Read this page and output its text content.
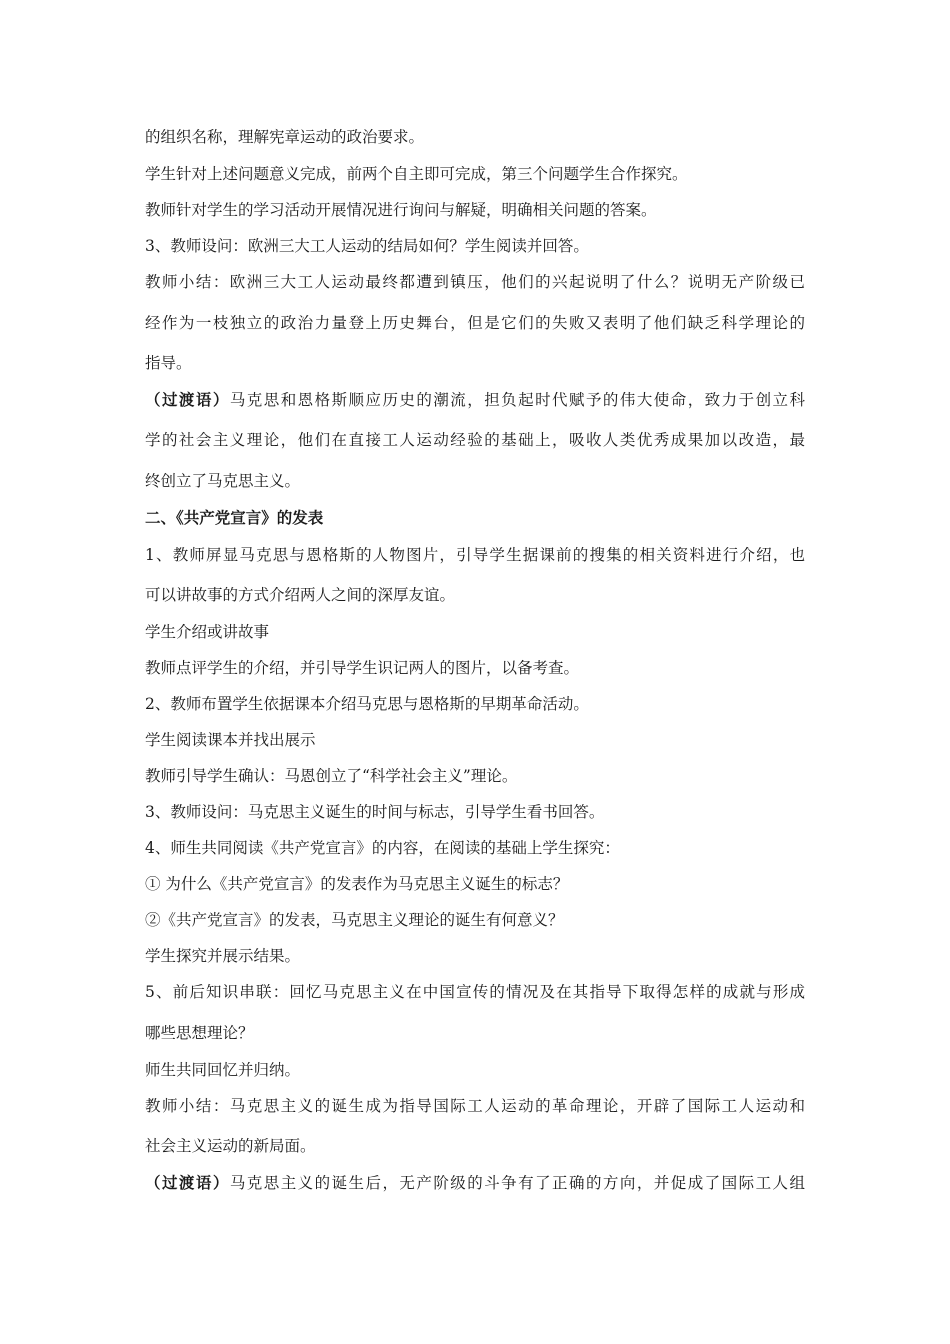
的组织名称，理解宪章运动的政治要求。
学生针对上述问题意义完成，前两个自主即可完成，第三个问题学生合作探究。
教师针对学生的学习活动开展情况进行询问与解疑，明确相关问题的答案。
3、教师设问：欧洲三大工人运动的结局如何？学生阅读并回答。
教师小结：欧洲三大工人运动最终都遭到镇压，他们的兴起说明了什么？说明无产阶级已
经作为一枝独立的政治力量登上历史舞台，但是它们的失败又表明了他们缺乏科学理论的
指导。
（过渡语）马克思和恩格斯顺应历史的潮流，担负起时代赋予的伟大使命，致力于创立科
学的社会主义理论，他们在直接工人运动经验的基础上，吸收人类优秀成果加以改造，最
终创立了马克思主义。
二、《共产党宣言》的发表
1、教师屏显马克思与恩格斯的人物图片，引导学生据课前的搜集的相关资料进行介绍，也
可以讲故事的方式介绍两人之间的深厚友谊。
学生介绍或讲故事
教师点评学生的介绍，并引导学生识记两人的图片，以备考查。
2、教师布置学生依据课本介绍马克思与恩格斯的早期革命活动。
学生阅读课本并找出展示
教师引导学生确认：马恩创立了“科学社会主义”理论。
3、教师设问：马克思主义诞生的时间与标志，引导学生看书回答。
4、师生共同阅读《共产党宣言》的内容，在阅读的基础上学生探究：
① 为什么《共产党宣言》的发表作为马克思主义诞生的标志？
②《共产党宣言》的发表，马克思主义理论的诞生有何意义？
学生探究并展示结果。
5、前后知识串联：回忆马克思主义在中国宣传的情况及在其指导下取得怎样的成就与形成
哪些思想理论？
师生共同回忆并归纳。
教师小结：马克思主义的诞生成为指导国际工人运动的革命理论，开辟了国际工人运动和
社会主义运动的新局面。
（过渡语）马克思主义的诞生后，无产阶级的斗争有了正确的方向，并促成了国际工人组
